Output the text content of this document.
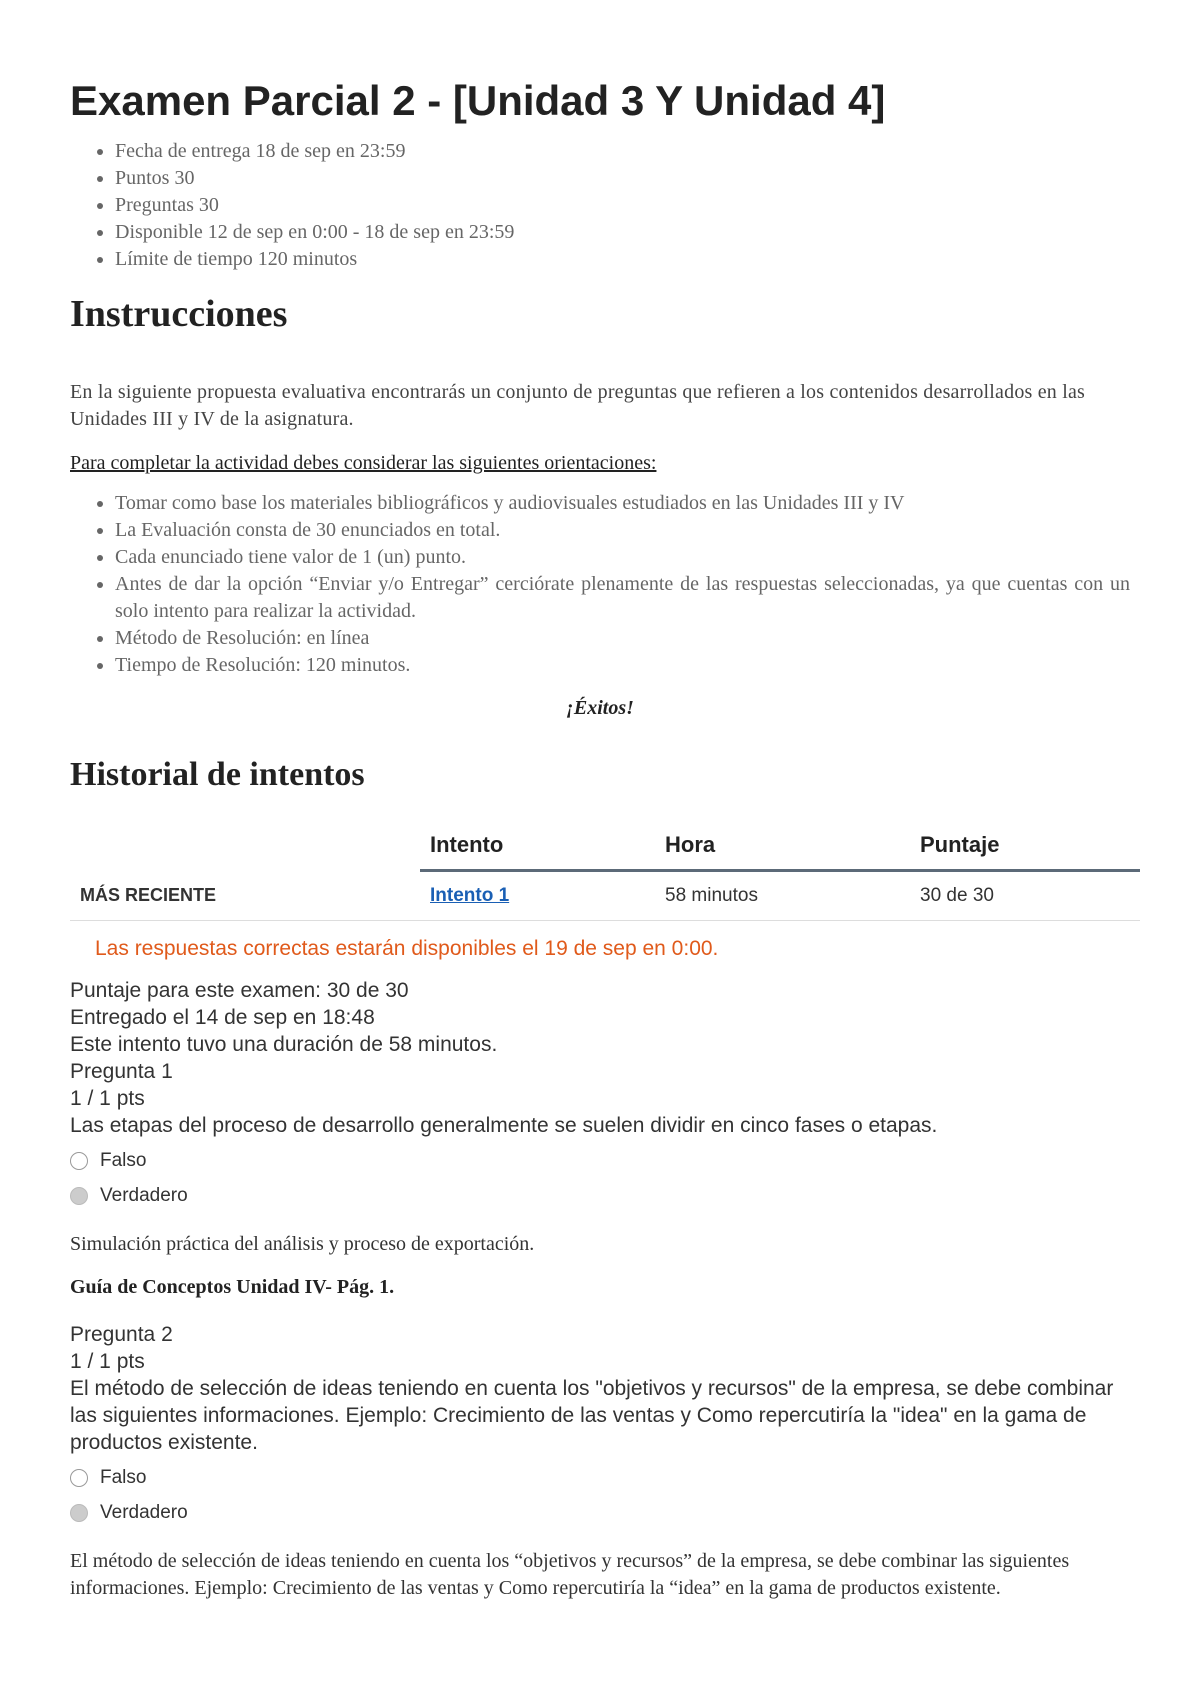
Examen Parcial 2 - [Unidad 3 Y Unidad 4]
• Fecha de entrega 18 de sep en 23:59
• Puntos 30
• Preguntas 30
• Disponible 12 de sep en 0:00 - 18 de sep en 23:59
• Límite de tiempo 120 minutos
Instrucciones

En la siguiente propuesta evaluativa encontrarás un conjunto de preguntas que refieren a los contenidos desarrollados en las Unidades III y IV de la asignatura.

Para completar la actividad debes considerar las siguientes orientaciones:

• Tomar como base los materiales bibliográficos y audiovisuales estudiados en las Unidades III y IV
• La Evaluación consta de 30 enunciados en total.
• Cada enunciado tiene valor de 1 (un) punto.
• Antes de dar la opción “Enviar y/o Entregar” cerciórate plenamente de las respuestas seleccionadas, ya que cuentas con un solo intento para realizar la actividad.
• Método de Resolución: en línea
• Tiempo de Resolución: 120 minutos.

¡Éxitos!

Historial de intentos
	Intento	Hora	Puntaje
MÁS RECIENTE	Intento 1	58 minutos	30 de 30

Las respuestas correctas estarán disponibles el 19 de sep en 0:00.

Puntaje para este examen: 30 de 30
Entregado el 14 de sep en 18:48
Este intento tuvo una duración de 58 minutos.
Pregunta 1
1 / 1 pts
Las etapas del proceso de desarrollo generalmente se suelen dividir en cinco fases o etapas.
Falso
Verdadero
Simulación práctica del análisis y proceso de exportación.
Guía de Conceptos Unidad IV- Pág. 1.
Pregunta 2
1 / 1 pts
El método de selección de ideas teniendo en cuenta los "objetivos y recursos" de la empresa, se debe combinar las siguientes informaciones. Ejemplo: Crecimiento de las ventas y Como repercutiría la "idea" en la gama de productos existente.
Falso
Verdadero
El método de selección de ideas teniendo en cuenta los “objetivos y recursos” de la empresa, se debe combinar las siguientes informaciones. Ejemplo: Crecimiento de las ventas y Como repercutiría la “idea” en la gama de productos existente.
